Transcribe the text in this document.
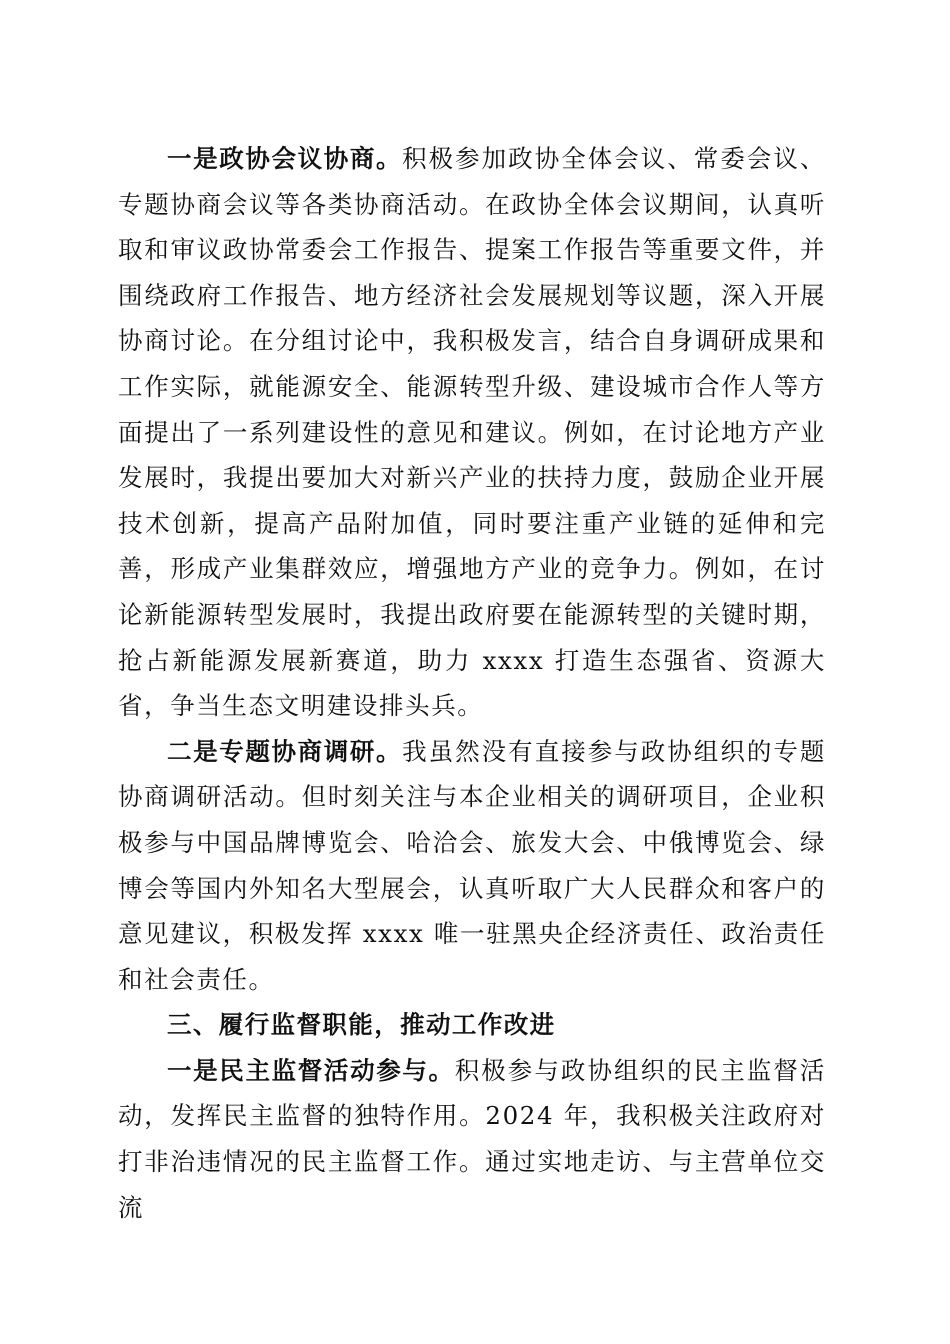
一是政协会议协商。积极参加政协全体会议、常委会议、专题协商会议等各类协商活动。在政协全体会议期间，认真听取和审议政协常委会工作报告、提案工作报告等重要文件，并围绕政府工作报告、地方经济社会发展规划等议题，深入开展协商讨论。在分组讨论中，我积极发言，结合自身调研成果和工作实际，就能源安全、能源转型升级、建设城市合作人等方面提出了一系列建设性的意见和建议。例如，在讨论地方产业发展时，我提出要加大对新兴产业的扶持力度，鼓励企业开展技术创新，提高产品附加值，同时要注重产业链的延伸和完善，形成产业集群效应，增强地方产业的竞争力。例如，在讨论新能源转型发展时，我提出政府要在能源转型的关键时期，抢占新能源发展新赛道，助力 xxxx 打造生态强省、资源大省，争当生态文明建设排头兵。

二是专题协商调研。我虽然没有直接参与政协组织的专题协商调研活动。但时刻关注与本企业相关的调研项目，企业积极参与中国品牌博览会、哈洽会、旅发大会、中俄博览会、绿博会等国内外知名大型展会，认真听取广大人民群众和客户的意见建议，积极发挥 xxxx 唯一驻黑央企经济责任、政治责任和社会责任。

三、履行监督职能，推动工作改进

一是民主监督活动参与。积极参与政协组织的民主监督活动，发挥民主监督的独特作用。2024 年，我积极关注政府对打非治违情况的民主监督工作。通过实地走访、与主营单位交流
